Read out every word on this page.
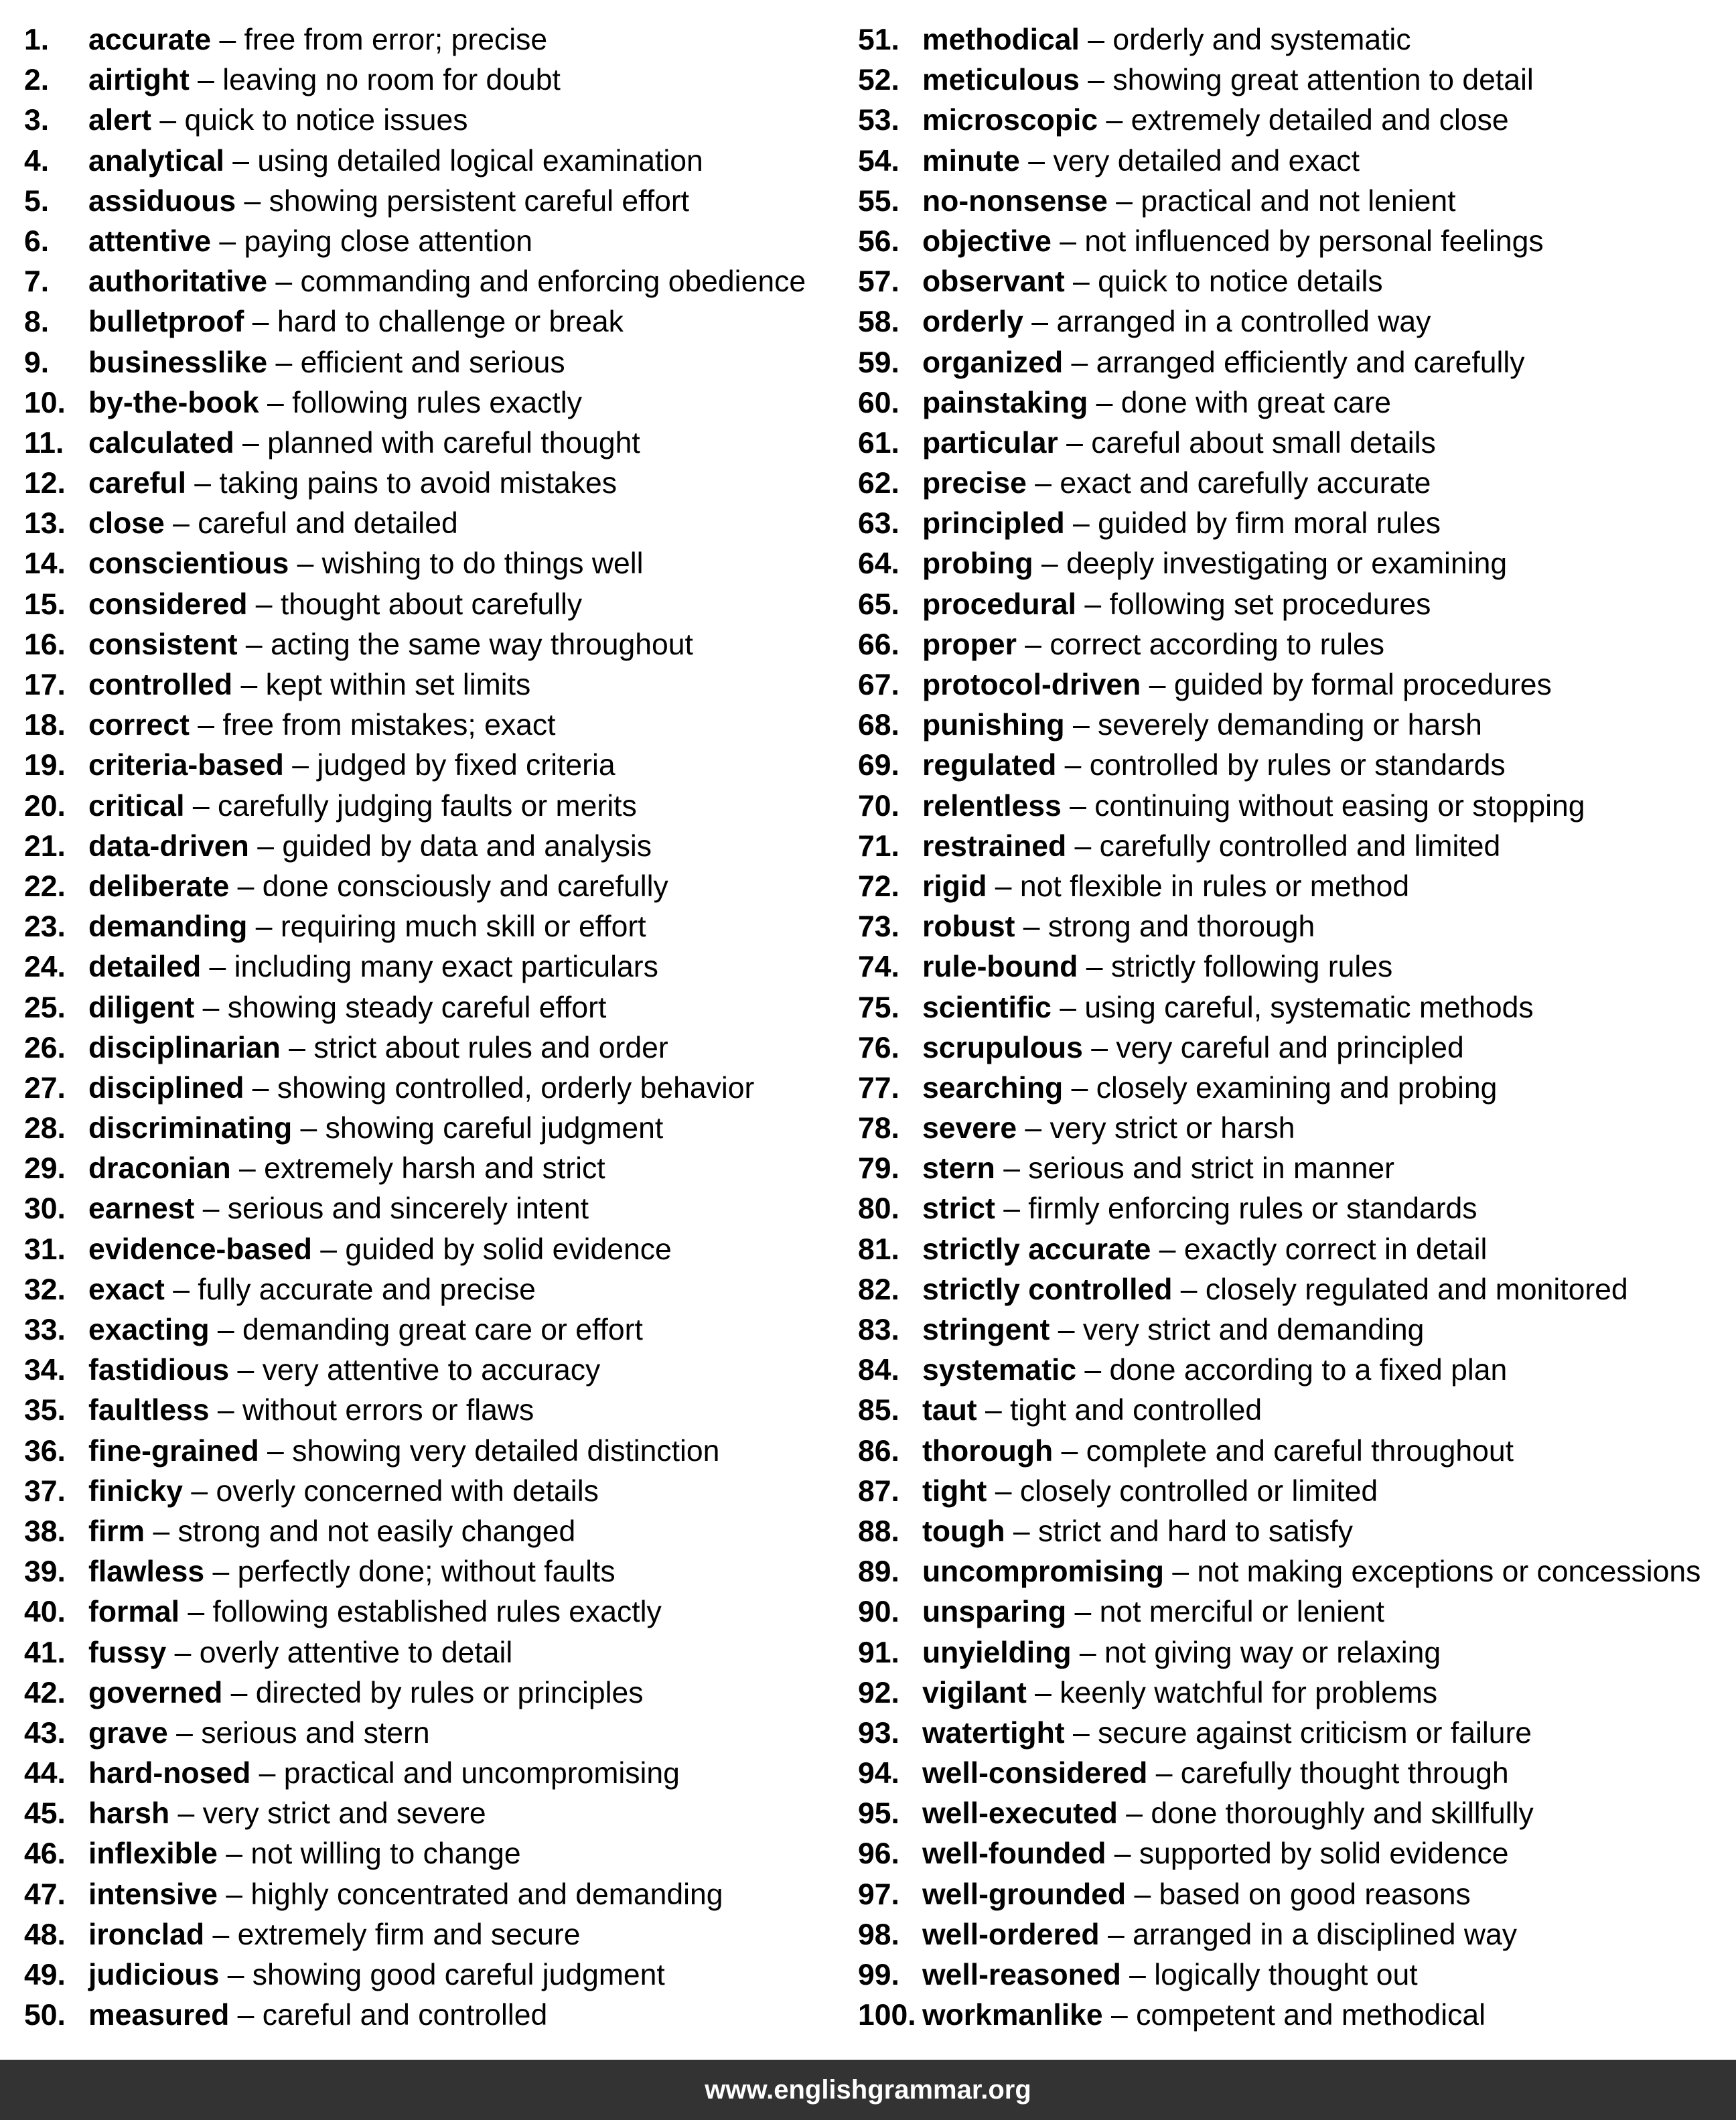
1. accurate – free from error; precise
2. airtight – leaving no room for doubt
3. alert – quick to notice issues
4. analytical – using detailed logical examination
5. assiduous – showing persistent careful effort
6. attentive – paying close attention
7. authoritative – commanding and enforcing obedience
8. bulletproof – hard to challenge or break
9. businesslike – efficient and serious
10. by-the-book – following rules exactly
11. calculated – planned with careful thought
12. careful – taking pains to avoid mistakes
13. close – careful and detailed
14. conscientious – wishing to do things well
15. considered – thought about carefully
16. consistent – acting the same way throughout
17. controlled – kept within set limits
18. correct – free from mistakes; exact
19. criteria-based – judged by fixed criteria
20. critical – carefully judging faults or merits
21. data-driven – guided by data and analysis
22. deliberate – done consciously and carefully
23. demanding – requiring much skill or effort
24. detailed – including many exact particulars
25. diligent – showing steady careful effort
26. disciplinarian – strict about rules and order
27. disciplined – showing controlled, orderly behavior
28. discriminating – showing careful judgment
29. draconian – extremely harsh and strict
30. earnest – serious and sincerely intent
31. evidence-based – guided by solid evidence
32. exact – fully accurate and precise
33. exacting – demanding great care or effort
34. fastidious – very attentive to accuracy
35. faultless – without errors or flaws
36. fine-grained – showing very detailed distinction
37. finicky – overly concerned with details
38. firm – strong and not easily changed
39. flawless – perfectly done; without faults
40. formal – following established rules exactly
41. fussy – overly attentive to detail
42. governed – directed by rules or principles
43. grave – serious and stern
44. hard-nosed – practical and uncompromising
45. harsh – very strict and severe
46. inflexible – not willing to change
47. intensive – highly concentrated and demanding
48. ironclad – extremely firm and secure
49. judicious – showing good careful judgment
50. measured – careful and controlled
51. methodical – orderly and systematic
52. meticulous – showing great attention to detail
53. microscopic – extremely detailed and close
54. minute – very detailed and exact
55. no-nonsense – practical and not lenient
56. objective – not influenced by personal feelings
57. observant – quick to notice details
58. orderly – arranged in a controlled way
59. organized – arranged efficiently and carefully
60. painstaking – done with great care
61. particular – careful about small details
62. precise – exact and carefully accurate
63. principled – guided by firm moral rules
64. probing – deeply investigating or examining
65. procedural – following set procedures
66. proper – correct according to rules
67. protocol-driven – guided by formal procedures
68. punishing – severely demanding or harsh
69. regulated – controlled by rules or standards
70. relentless – continuing without easing or stopping
71. restrained – carefully controlled and limited
72. rigid – not flexible in rules or method
73. robust – strong and thorough
74. rule-bound – strictly following rules
75. scientific – using careful, systematic methods
76. scrupulous – very careful and principled
77. searching – closely examining and probing
78. severe – very strict or harsh
79. stern – serious and strict in manner
80. strict – firmly enforcing rules or standards
81. strictly accurate – exactly correct in detail
82. strictly controlled – closely regulated and monitored
83. stringent – very strict and demanding
84. systematic – done according to a fixed plan
85. taut – tight and controlled
86. thorough – complete and careful throughout
87. tight – closely controlled or limited
88. tough – strict and hard to satisfy
89. uncompromising – not making exceptions or concessions
90. unsparing – not merciful or lenient
91. unyielding – not giving way or relaxing
92. vigilant – keenly watchful for problems
93. watertight – secure against criticism or failure
94. well-considered – carefully thought through
95. well-executed – done thoroughly and skillfully
96. well-founded – supported by solid evidence
97. well-grounded – based on good reasons
98. well-ordered – arranged in a disciplined way
99. well-reasoned – logically thought out
100. workmanlike – competent and methodical
www.englishgrammar.org
